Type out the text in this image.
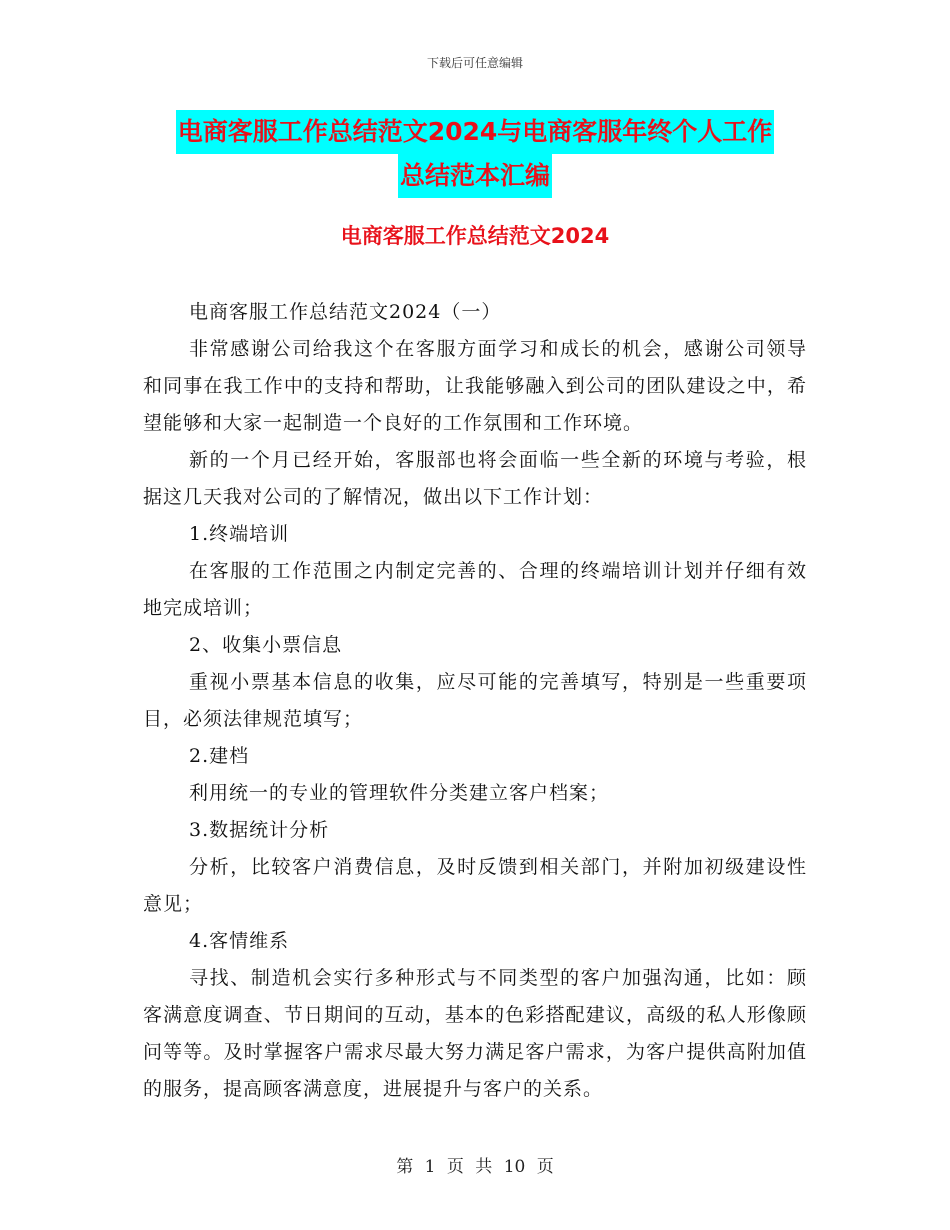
下载后可任意编辑
电商客服工作总结范文2024与电商客服年终个人工作
总结范本汇编
电商客服工作总结范文2024

电商客服工作总结范文2024（一）

非常感谢公司给我这个在客服方面学习和成长的机会，感谢公司领导和同事在我工作中的支持和帮助，让我能够融入到公司的团队建设之中，希望能够和大家一起制造一个良好的工作氛围和工作环境。

新的一个月已经开始，客服部也将会面临一些全新的环境与考验，根据这几天我对公司的了解情况，做出以下工作计划：

1.终端培训

在客服的工作范围之内制定完善的、合理的终端培训计划并仔细有效地完成培训；

2、收集小票信息

重视小票基本信息的收集，应尽可能的完善填写，特别是一些重要项目，必须法律规范填写；

2.建档

利用统一的专业的管理软件分类建立客户档案；

3.数据统计分析

分析，比较客户消费信息，及时反馈到相关部门，并附加初级建设性意见；

4.客情维系

寻找、制造机会实行多种形式与不同类型的客户加强沟通，比如：顾客满意度调查、节日期间的互动，基本的色彩搭配建议，高级的私人形像顾问等等。及时掌握客户需求尽最大努力满足客户需求，为客户提供高附加值的服务，提高顾客满意度，进展提升与客户的关系。

第 1 页 共 10 页
